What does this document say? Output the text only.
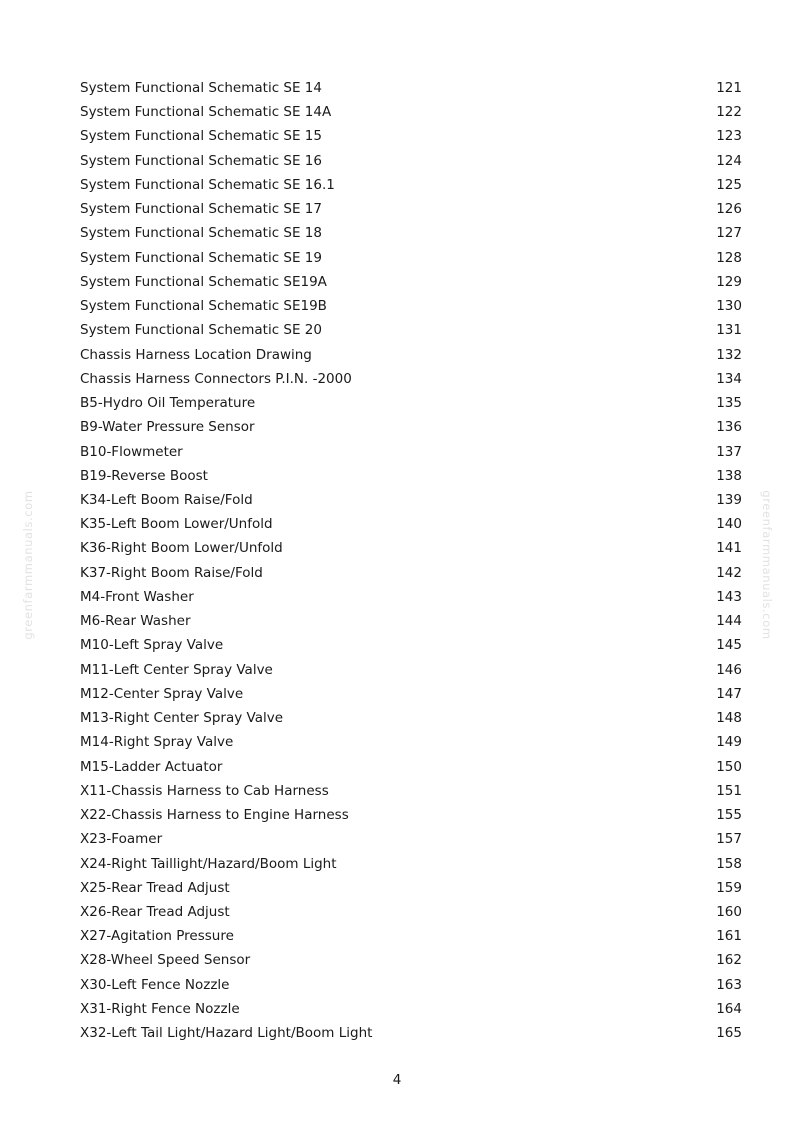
greenfarmmanuals.com	greenfarmmanuals.com
System Functional Schematic SE 14	121
System Functional Schematic SE 14A	122
System Functional Schematic SE 15	123
System Functional Schematic SE 16	124
System Functional Schematic SE 16.1	125
System Functional Schematic SE 17	126
System Functional Schematic SE 18	127
System Functional Schematic SE 19	128
System Functional Schematic SE19A	129
System Functional Schematic SE19B	130
System Functional Schematic SE 20	131
Chassis Harness Location Drawing	132
Chassis Harness Connectors P.I.N. -2000	134
B5-Hydro Oil Temperature	135
B9-Water Pressure Sensor	136
B10-Flowmeter	137
B19-Reverse Boost	138
K34-Left Boom Raise/Fold	139
K35-Left Boom Lower/Unfold	140
K36-Right Boom Lower/Unfold	141
K37-Right Boom Raise/Fold	142
M4-Front Washer	143
M6-Rear Washer	144
M10-Left Spray Valve	145
M11-Left Center Spray Valve	146
M12-Center Spray Valve	147
M13-Right Center Spray Valve	148
M14-Right Spray Valve	149
M15-Ladder Actuator	150
X11-Chassis Harness to Cab Harness	151
X22-Chassis Harness to Engine Harness	155
X23-Foamer	157
X24-Right Taillight/Hazard/Boom Light	158
X25-Rear Tread Adjust	159
X26-Rear Tread Adjust	160
X27-Agitation Pressure	161
X28-Wheel Speed Sensor	162
X30-Left Fence Nozzle	163
X31-Right Fence Nozzle	164
X32-Left Tail Light/Hazard Light/Boom Light	165
4
